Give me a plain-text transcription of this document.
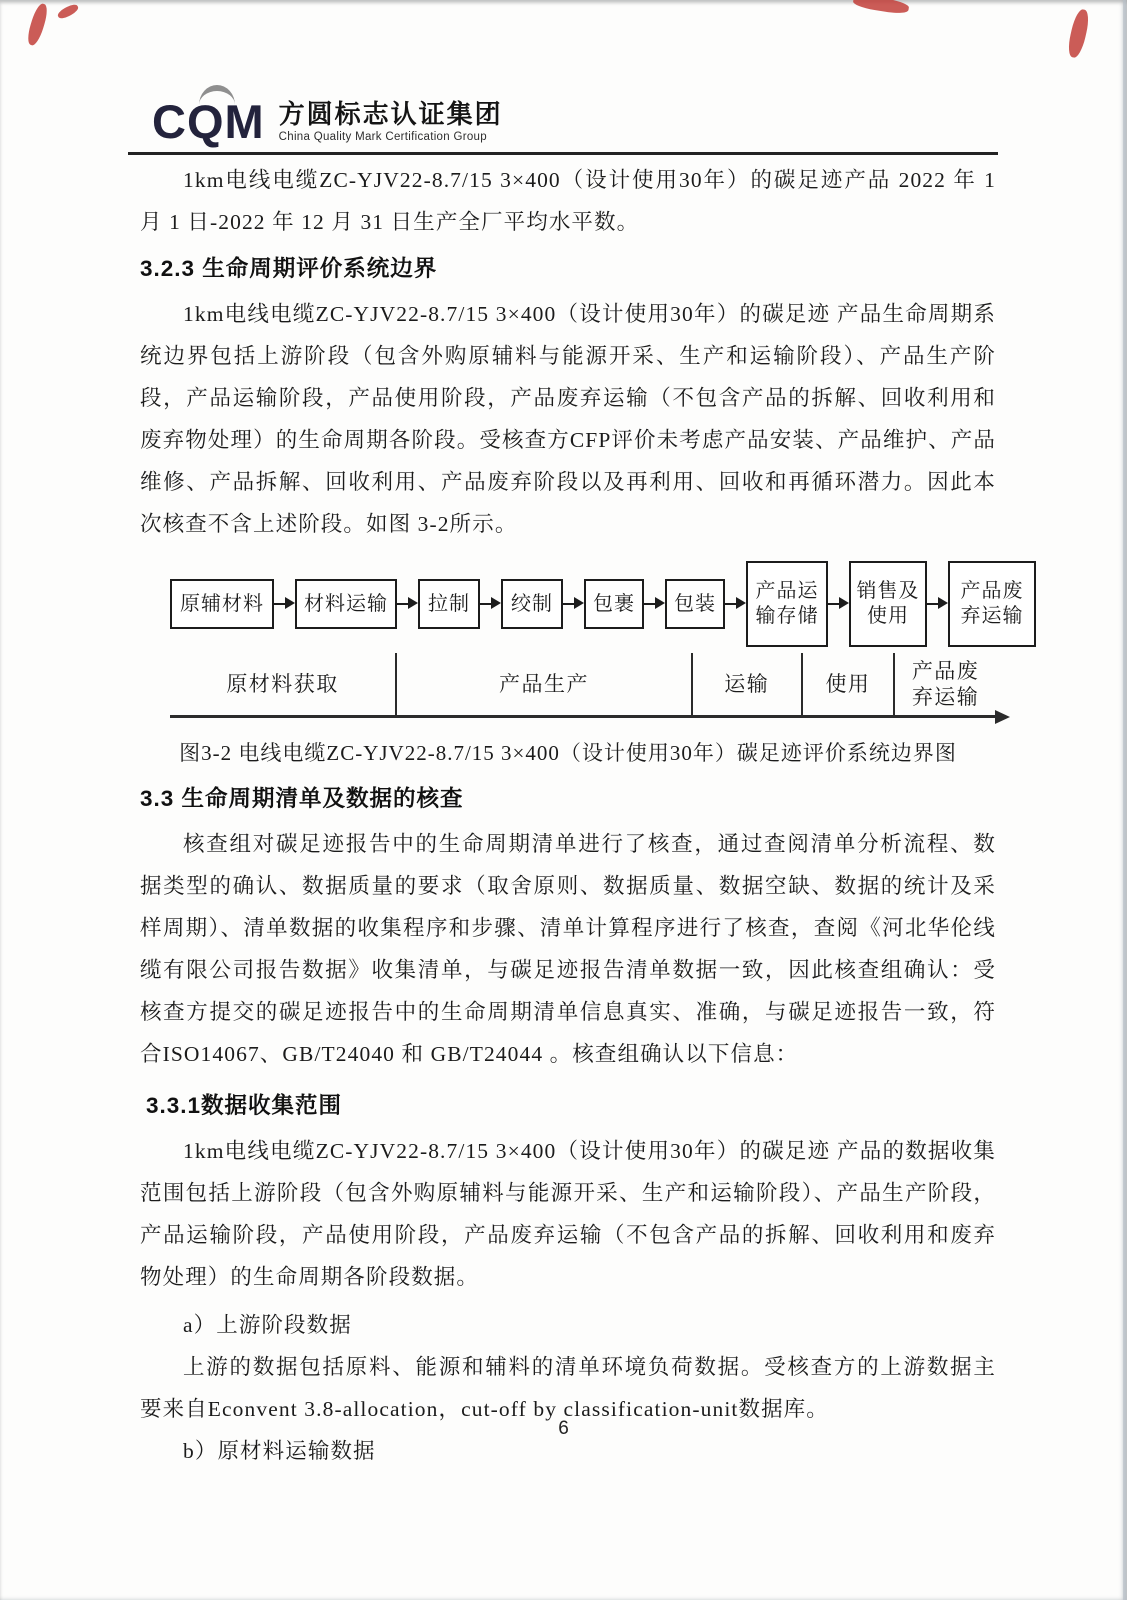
CQM 方圆标志认证集团
China Quality Mark Certification Group

1km电线电缆ZC-YJV22-8.7/15 3×400（设计使用30年）的碳足迹产品 2022 年 1 月 1 日-2022 年 12 月 31 日生产全厂平均水平数。

3.2.3 生命周期评价系统边界

1km电线电缆ZC-YJV22-8.7/15 3×400（设计使用30年）的碳足迹 产品生命周期系统边界包括上游阶段（包含外购原辅料与能源开采、生产和运输阶段）、产品生产阶段，产品运输阶段，产品使用阶段，产品废弃运输（不包含产品的拆解、回收利用和废弃物处理）的生命周期各阶段。受核查方CFP评价未考虑产品安装、产品维护、产品维修、产品拆解、回收利用、产品废弃阶段以及再利用、回收和再循环潜力。因此本次核查不含上述阶段。如图 3-2所示。

原辅材料	材料运输	拉制	绞制	包裹	包装
产品运输存储
销售及使用
产品废弃运输
原材料获取	产品生产	运输	使用
产品废弃运输
图3-2 电线电缆ZC-YJV22-8.7/15 3×400（设计使用30年）碳足迹评价系统边界图
3.3 生命周期清单及数据的核查

核查组对碳足迹报告中的生命周期清单进行了核查，通过查阅清单分析流程、数据类型的确认、数据质量的要求（取舍原则、数据质量、数据空缺、数据的统计及采样周期）、清单数据的收集程序和步骤、清单计算程序进行了核查，查阅《河北华伦线缆有限公司报告数据》收集清单，与碳足迹报告清单数据一致，因此核查组确认：受核查方提交的碳足迹报告中的生命周期清单信息真实、准确，与碳足迹报告一致，符合ISO14067、GB/T24040 和 GB/T24044 。核查组确认以下信息：

3.3.1数据收集范围

1km电线电缆ZC-YJV22-8.7/15 3×400（设计使用30年）的碳足迹 产品的数据收集范围包括上游阶段（包含外购原辅料与能源开采、生产和运输阶段）、产品生产阶段，产品运输阶段，产品使用阶段，产品废弃运输（不包含产品的拆解、回收利用和废弃物处理）的生命周期各阶段数据。

a）上游阶段数据

上游的数据包括原料、能源和辅料的清单环境负荷数据。受核查方的上游数据主要来自Econvent 3.8-allocation，cut-off by classification-unit数据库。

b）原材料运输数据

6
